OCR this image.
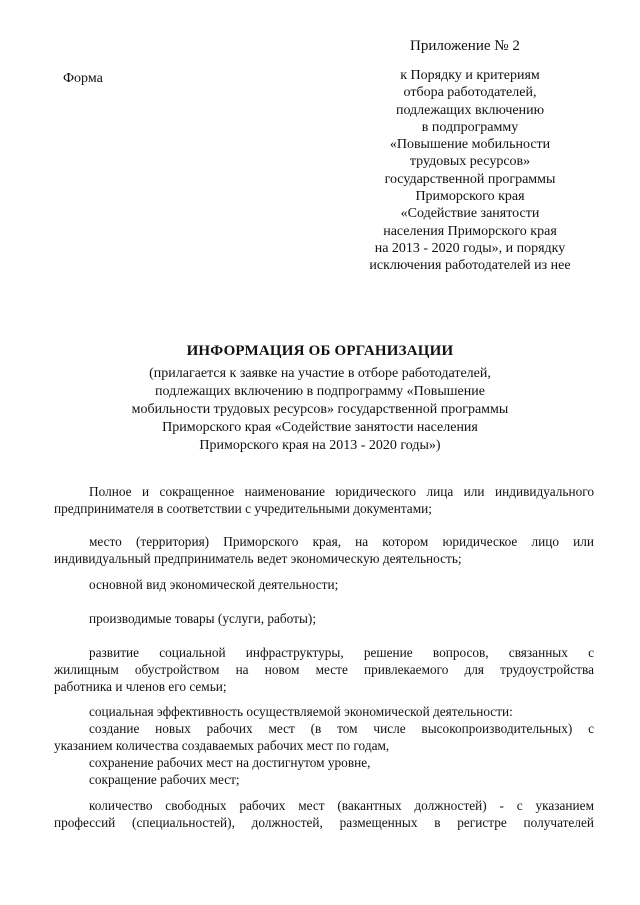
Приложение № 2
Форма	к Порядку и критериям
отбора работодателей,
подлежащих включению
в подпрограмму
«Повышение мобильности
трудовых ресурсов»
государственной программы
Приморского края
«Содействие занятости
населения Приморского края
на 2013 - 2020 годы», и порядку
исключения работодателей из нее
ИНФОРМАЦИЯ ОБ ОРГАНИЗАЦИИ
(прилагается к заявке на участие в отборе работодателей,
подлежащих включению в подпрограмму «Повышение
мобильности трудовых ресурсов» государственной программы
Приморского края «Содействие занятости населения
Приморского края на 2013 - 2020 годы»)
Полное и сокращенное наименование юридического лица или индивидуального
предпринимателя в соответствии с учредительными документами;
место (территория) Приморского края, на котором юридическое лицо или
индивидуальный предприниматель ведет экономическую деятельность;
основной вид экономической деятельности;
производимые товары (услуги, работы);
развитие социальной инфраструктуры, решение вопросов, связанных с
жилищным обустройством на новом месте привлекаемого для трудоустройства
работника и членов его семьи;
социальная эффективность осуществляемой экономической деятельности:
создание новых рабочих мест (в том числе высокопроизводительных) с
указанием количества создаваемых рабочих мест по годам,
сохранение рабочих мест на достигнутом уровне,
сокращение рабочих мест;
количество свободных рабочих мест (вакантных должностей) - с указанием
профессий (специальностей), должностей, размещенных в регистре получателей
